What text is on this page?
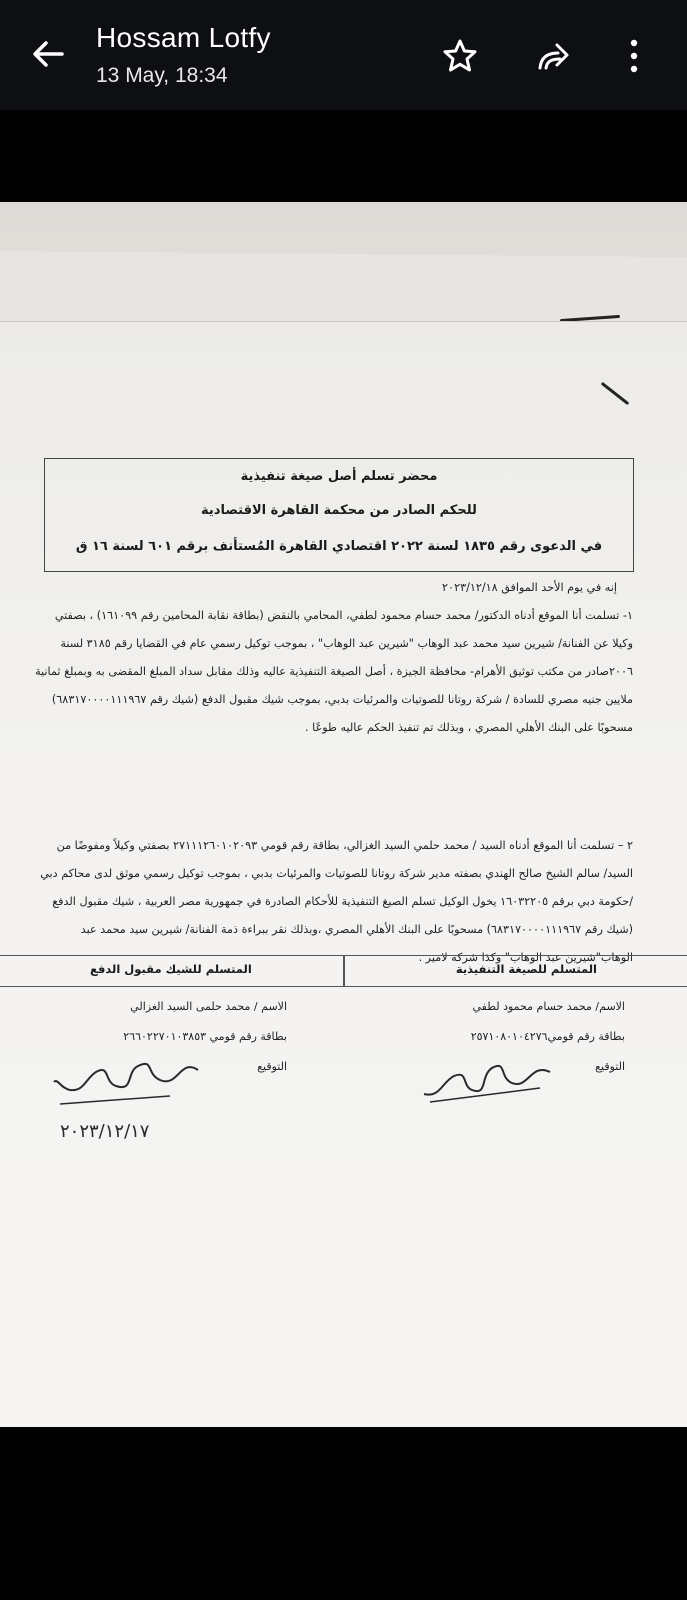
Hossam Lotfy
13 May, 18:34
محضر تسلم أصل صيغة تنفيذية
للحكم الصادر من محكمة القاهرة الاقتصادية
في الدعوى رقم ١٨٣٥ لسنة ٢٠٢٢ اقتصادي القاهرة المُستأنف برقم ٦٠١ لسنة ١٦ ق
إنه في يوم الأحد الموافق ٢٠٢٣/١٢/١٨
١- تسلمت أنا الموقع أدناه الدكتور/ محمد حسام محمود لطفي، المحامي بالنقض (بطاقة نقابة المحامين رقم ١٦١٠٩٩) ، بصفتي وكيلا عن الفنانة/ شيرين سيد محمد عبد الوهاب "شيرين عبد الوهاب" ، بموجب توكيل رسمي عام في القضايا رقم ٣١٨٥ لسنة ٢٠٠٦صادر من مكتب توثيق الأهرام- محافظة الجيزة ، أصل الصيغة التنفيذية عاليه وذلك مقابل سداد المبلغ المقضى به وبمبلغ ثمانية ملايين جنيه مصري للسادة / شركة روتانا للصوتيات والمرئيات بدبي، بموجب شيك مقبول الدفع (شيك رقم ٦٨٣١٧٠٠٠٠١١١٩٦٧) مسحوبًا على البنك الأهلي المصري ، وبذلك تم تنفيذ الحكم عاليه طوعًا .
٢ – تسلمت أنا الموقع أدناه السيد / محمد حلمي السيد الغزالي، بطاقة رقم قومي ٢٧١١١٢٦٠١٠٢٠٩٣ بصفتي وكيلاً ومفوضًا من السيد/ سالم الشيخ صالح الهندي بصفته مدير شركة روتانا للصوتيات والمرئيات بدبي ، بموجب توكيل رسمي موثق لدى محاكم دبي /حكومة دبي برقم ١٦٠٣٢٢٠٥ يخول الوكيل تسلم الصيغ التنفيذية للأحكام الصادرة في جمهورية مصر العربية ، شيك مقبول الدفع (شيك رقم ٦٨٣١٧٠٠٠٠١١١٩٦٧) مسحوبًا على البنك الأهلي المصري ،وبذلك نقر ببراءة ذمة الفنانة/ شيرين سيد محمد عبد الوهاب"شيرين عبد الوهاب" وكذا شركة لامير .
المتسلم للصيغة التنفيذية
المتسلم للشيك مقبول الدفع
الاسم/ محمد حسام محمود لطفي
بطاقة رقم قومي٢٥٧١٠٨٠١٠٤٢٧٦
التوقيع
الاسم / محمد حلمى السيد الغزالي
بطاقة رقم قومي ٢٦٦٠٢٢٧٠١٠٣٨٥٣
التوقيع
٢٠٢٣/١٢/١٧
